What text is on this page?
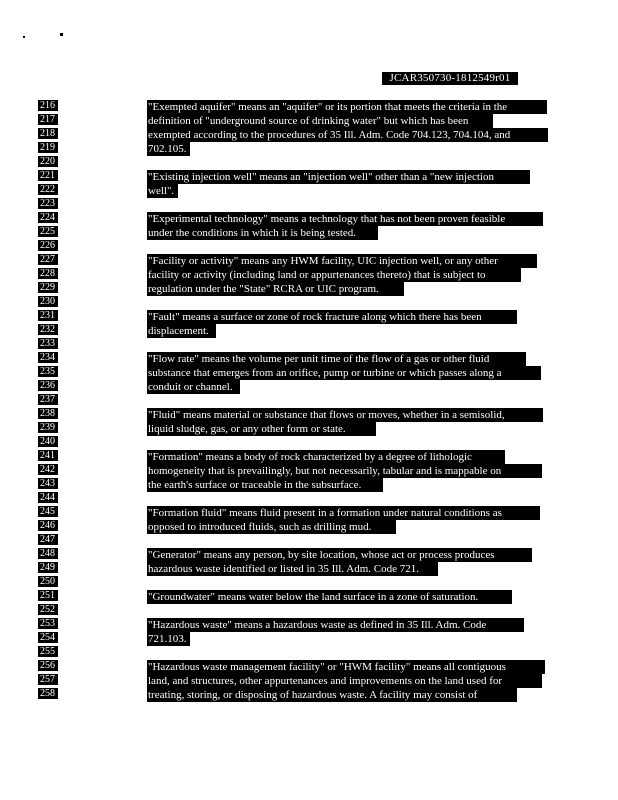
JCAR350730-1812549r01
216
217
218
219
220
221
222
223
224
225
226
227
228
229
230
231
232
233
234
235
236
237
238
239
240
241
242
243
244
245
246
247
248
249
250
251
252
253
254
255
256
257
258
"Exempted aquifer" means an "aquifer" or its portion that meets the criteria in the
definition of "underground source of drinking water" but which has been
exempted according to the procedures of 35 Ill. Adm. Code 704.123, 704.104, and
702.105.
"Existing injection well" means an "injection well" other than a "new injection
well".
"Experimental technology" means a technology that has not been proven feasible
under the conditions in which it is being tested.
"Facility or activity" means any HWM facility, UIC injection well, or any other
facility or activity (including land or appurtenances thereto) that is subject to
regulation under the "State" RCRA or UIC program.
"Fault" means a surface or zone of rock fracture along which there has been
displacement.
"Flow rate" means the volume per unit time of the flow of a gas or other fluid
substance that emerges from an orifice, pump or turbine or which passes along a
conduit or channel.
"Fluid" means material or substance that flows or moves, whether in a semisolid,
liquid sludge, gas, or any other form or state.
"Formation" means a body of rock characterized by a degree of lithologic
homogeneity that is prevailingly, but not necessarily, tabular and is mappable on
the earth's surface or traceable in the subsurface.
"Formation fluid" means fluid present in a formation under natural conditions as
opposed to introduced fluids, such as drilling mud.
"Generator" means any person, by site location, whose act or process produces
hazardous waste identified or listed in 35 Ill. Adm. Code 721.
"Groundwater" means water below the land surface in a zone of saturation.
"Hazardous waste" means a hazardous waste as defined in 35 Ill. Adm. Code
721.103.
"Hazardous waste management facility" or "HWM facility" means all contiguous
land, and structures, other appurtenances and improvements on the land used for
treating, storing, or disposing of hazardous waste. A facility may consist of
